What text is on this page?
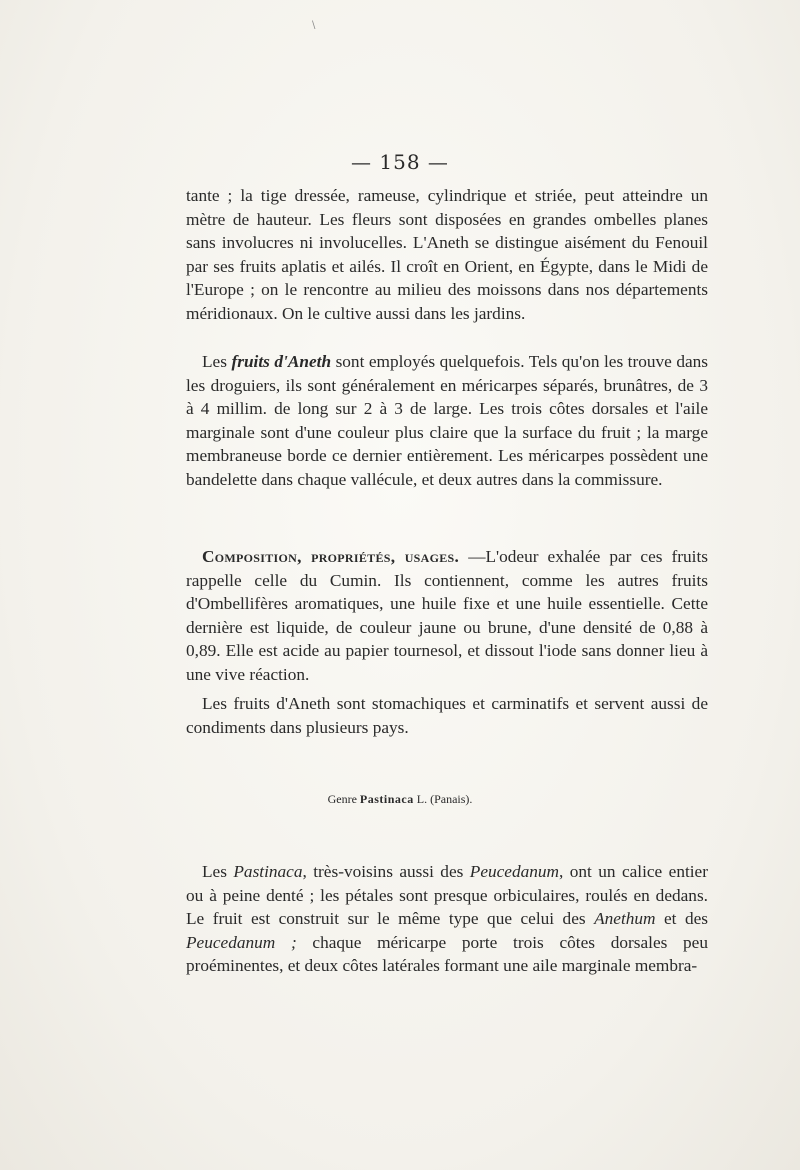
\
— 158 —

tante ; la tige dressée, rameuse, cylindrique et striée, peut atteindre un mètre de hauteur. Les fleurs sont disposées en grandes ombelles planes sans involucres ni involucelles. L'Aneth se distingue aisément du Fenouil par ses fruits aplatis et ailés. Il croît en Orient, en Égypte, dans le Midi de l'Europe ; on le rencontre au milieu des moissons dans nos départements méridionaux. On le cultive aussi dans les jardins.

Les fruits d'Aneth sont employés quelquefois. Tels qu'on les trouve dans les droguiers, ils sont généralement en méricarpes séparés, brunâtres, de 3 à 4 millim. de long sur 2 à 3 de large. Les trois côtes dorsales et l'aile marginale sont d'une couleur plus claire que la surface du fruit ; la marge membraneuse borde ce dernier entièrement. Les méricarpes possèdent une bandelette dans chaque vallécule, et deux autres dans la commissure.

Composition, propriétés, usages. —L'odeur exhalée par ces fruits rappelle celle du Cumin. Ils contiennent, comme les autres fruits d'Ombellifères aromatiques, une huile fixe et une huile essentielle. Cette dernière est liquide, de couleur jaune ou brune, d'une densité de 0,88 à 0,89. Elle est acide au papier tournesol, et dissout l'iode sans donner lieu à une vive réaction.

Les fruits d'Aneth sont stomachiques et carminatifs et servent aussi de condiments dans plusieurs pays.

Genre Pastinaca L. (Panais).

Les Pastinaca, très-voisins aussi des Peucedanum, ont un calice entier ou à peine denté ; les pétales sont presque orbiculaires, roulés en dedans. Le fruit est construit sur le même type que celui des Anethum et des Peucedanum ; chaque méricarpe porte trois côtes dorsales peu proéminentes, et deux côtes latérales formant une aile marginale membra-
